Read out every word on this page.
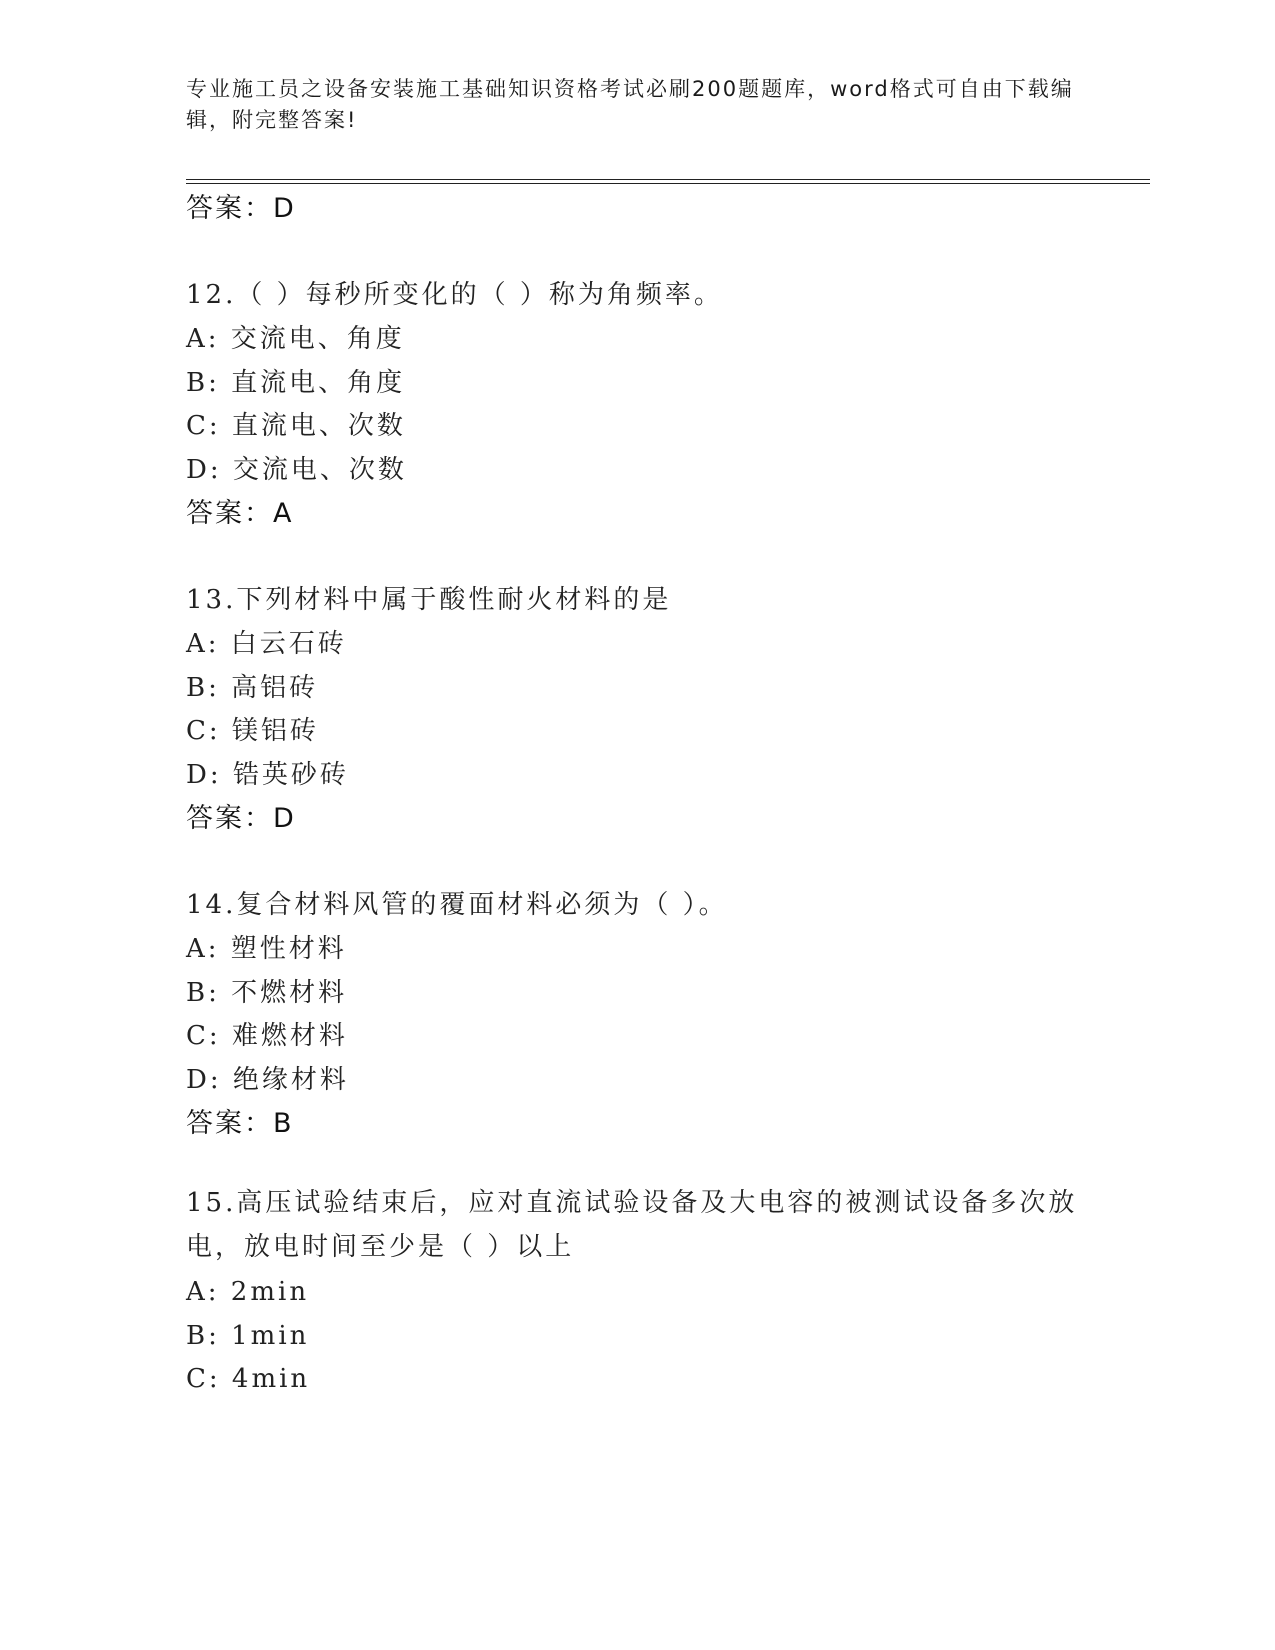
专业施工员之设备安装施工基础知识资格考试必刷200题题库，word格式可自由下载编辑，附完整答案!
答案：D
12.（ ）每秒所变化的（ ）称为角频率。
A: 交流电、角度
B: 直流电、角度
C: 直流电、次数
D: 交流电、次数
答案：A
13.下列材料中属于酸性耐火材料的是
A: 白云石砖
B: 高铝砖
C: 镁铝砖
D: 锆英砂砖
答案：D
14.复合材料风管的覆面材料必须为（ ）。
A: 塑性材料
B: 不燃材料
C: 难燃材料
D: 绝缘材料
答案：B
15.高压试验结束后，应对直流试验设备及大电容的被测试设备多次放电，放电时间至少是（ ）以上
A: 2min
B: 1min
C: 4min
